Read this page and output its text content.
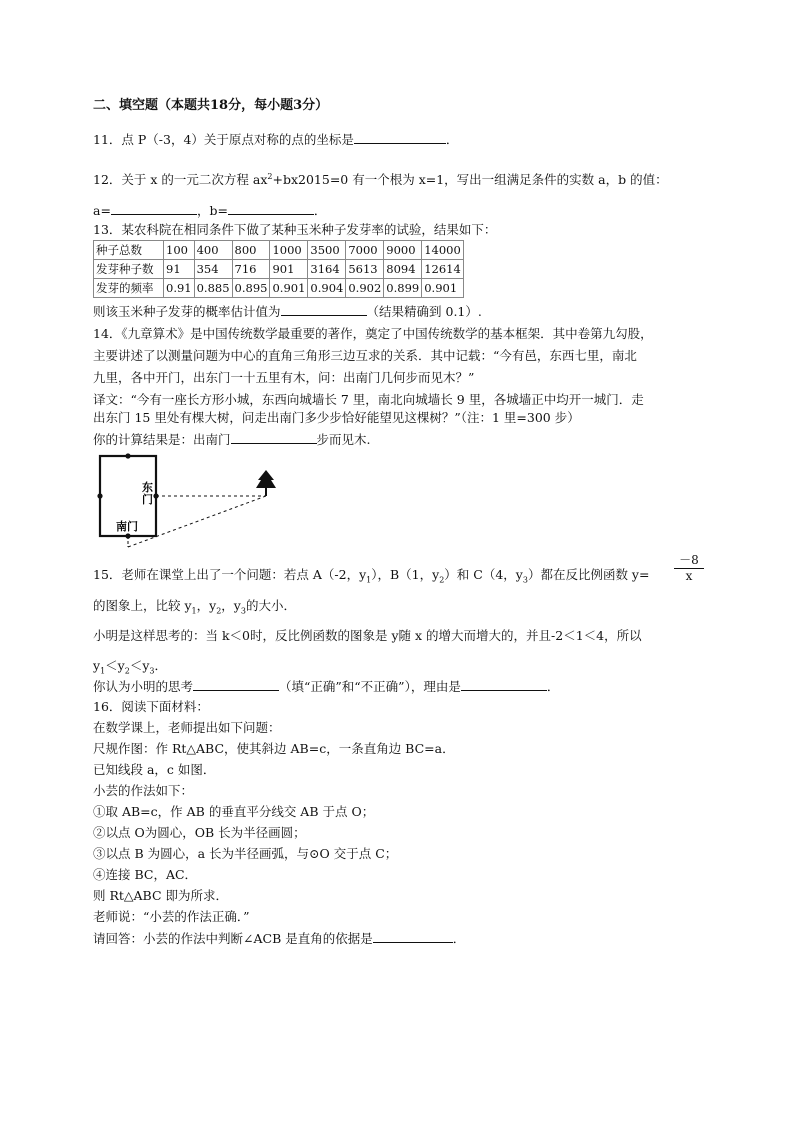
二、填空题（本题共18分，每小题3分）
11．点 P（-3，4）关于原点对称的点的坐标是	．
12．关于 x 的一元二次方程 $ax^2+bx2015=0$ 有一个根为 x=1，写出一组满足条件的实数 a，b 的值：
a=	，b=	．
13．某农科院在相同条件下做了某种玉米种子发芽率的试验，结果如下：
种子总数	100	400	800	1000	3500	7000	9000	14000
发芽种子数	91	354	716	901	3164	5613	8094	12614
发芽的频率	0.91	0.885	0.895	0.901	0.904	0.902	0.899	0.901
则该玉米种子发芽的概率估计值为	（结果精确到 0.1）.
14．《九章算术》是中国传统数学最重要的著作，奠定了中国传统数学的基本框架．其中卷第九勾股，
主要讲述了以测量问题为中心的直角三角形三边互求的关系．其中记载：“今有邑，东西七里，南北
九里，各中开门，出东门一十五里有木，问：出南门几何步而见木？”
译文：“今有一座长方形小城，东西向城墙长 7 里，南北向城墙长 9 里，各城墙正中均开一城门．走
出东门 15 里处有棵大树，问走出南门多少步恰好能望见这棵树？”（注：1 里=300 步）
你的计算结果是：出南门	步而见木.
东
门
南门
15．老师在课堂上出了一个问题：若点 A（-2，$y_1$），B（1，$y_2$）和 C（4，$y_3$）都在反比例函数 $y= \frac{-8}{x}$
的图象上，比较 $y_1$，$y_2$，$y_3$的大小．
小明是这样思考的：当 k＜0时，反比例函数的图象是 y随 x 的增大而增大的，并且-2＜1＜4，所以
$y_1<y_2<y_3$．
你认为小明的思考	（填“正确”和“不正确”），理由是	．
16．阅读下面材料：
在数学课上，老师提出如下问题：
尺规作图：作 Rt△ABC，使其斜边 AB=c，一条直角边 BC=a．
已知线段 a，c 如图．
小芸的作法如下：
①取 AB=c，作 AB 的垂直平分线交 AB 于点 O；
②以点 O为圆心，OB 长为半径画圆；
③以点 B 为圆心，a 长为半径画弧，与⊙O 交于点 C；
④连接 BC，AC．
则 Rt△ABC 即为所求．
老师说：“小芸的作法正确．”
请回答：小芸的作法中判断∠ACB 是直角的依据是	．
